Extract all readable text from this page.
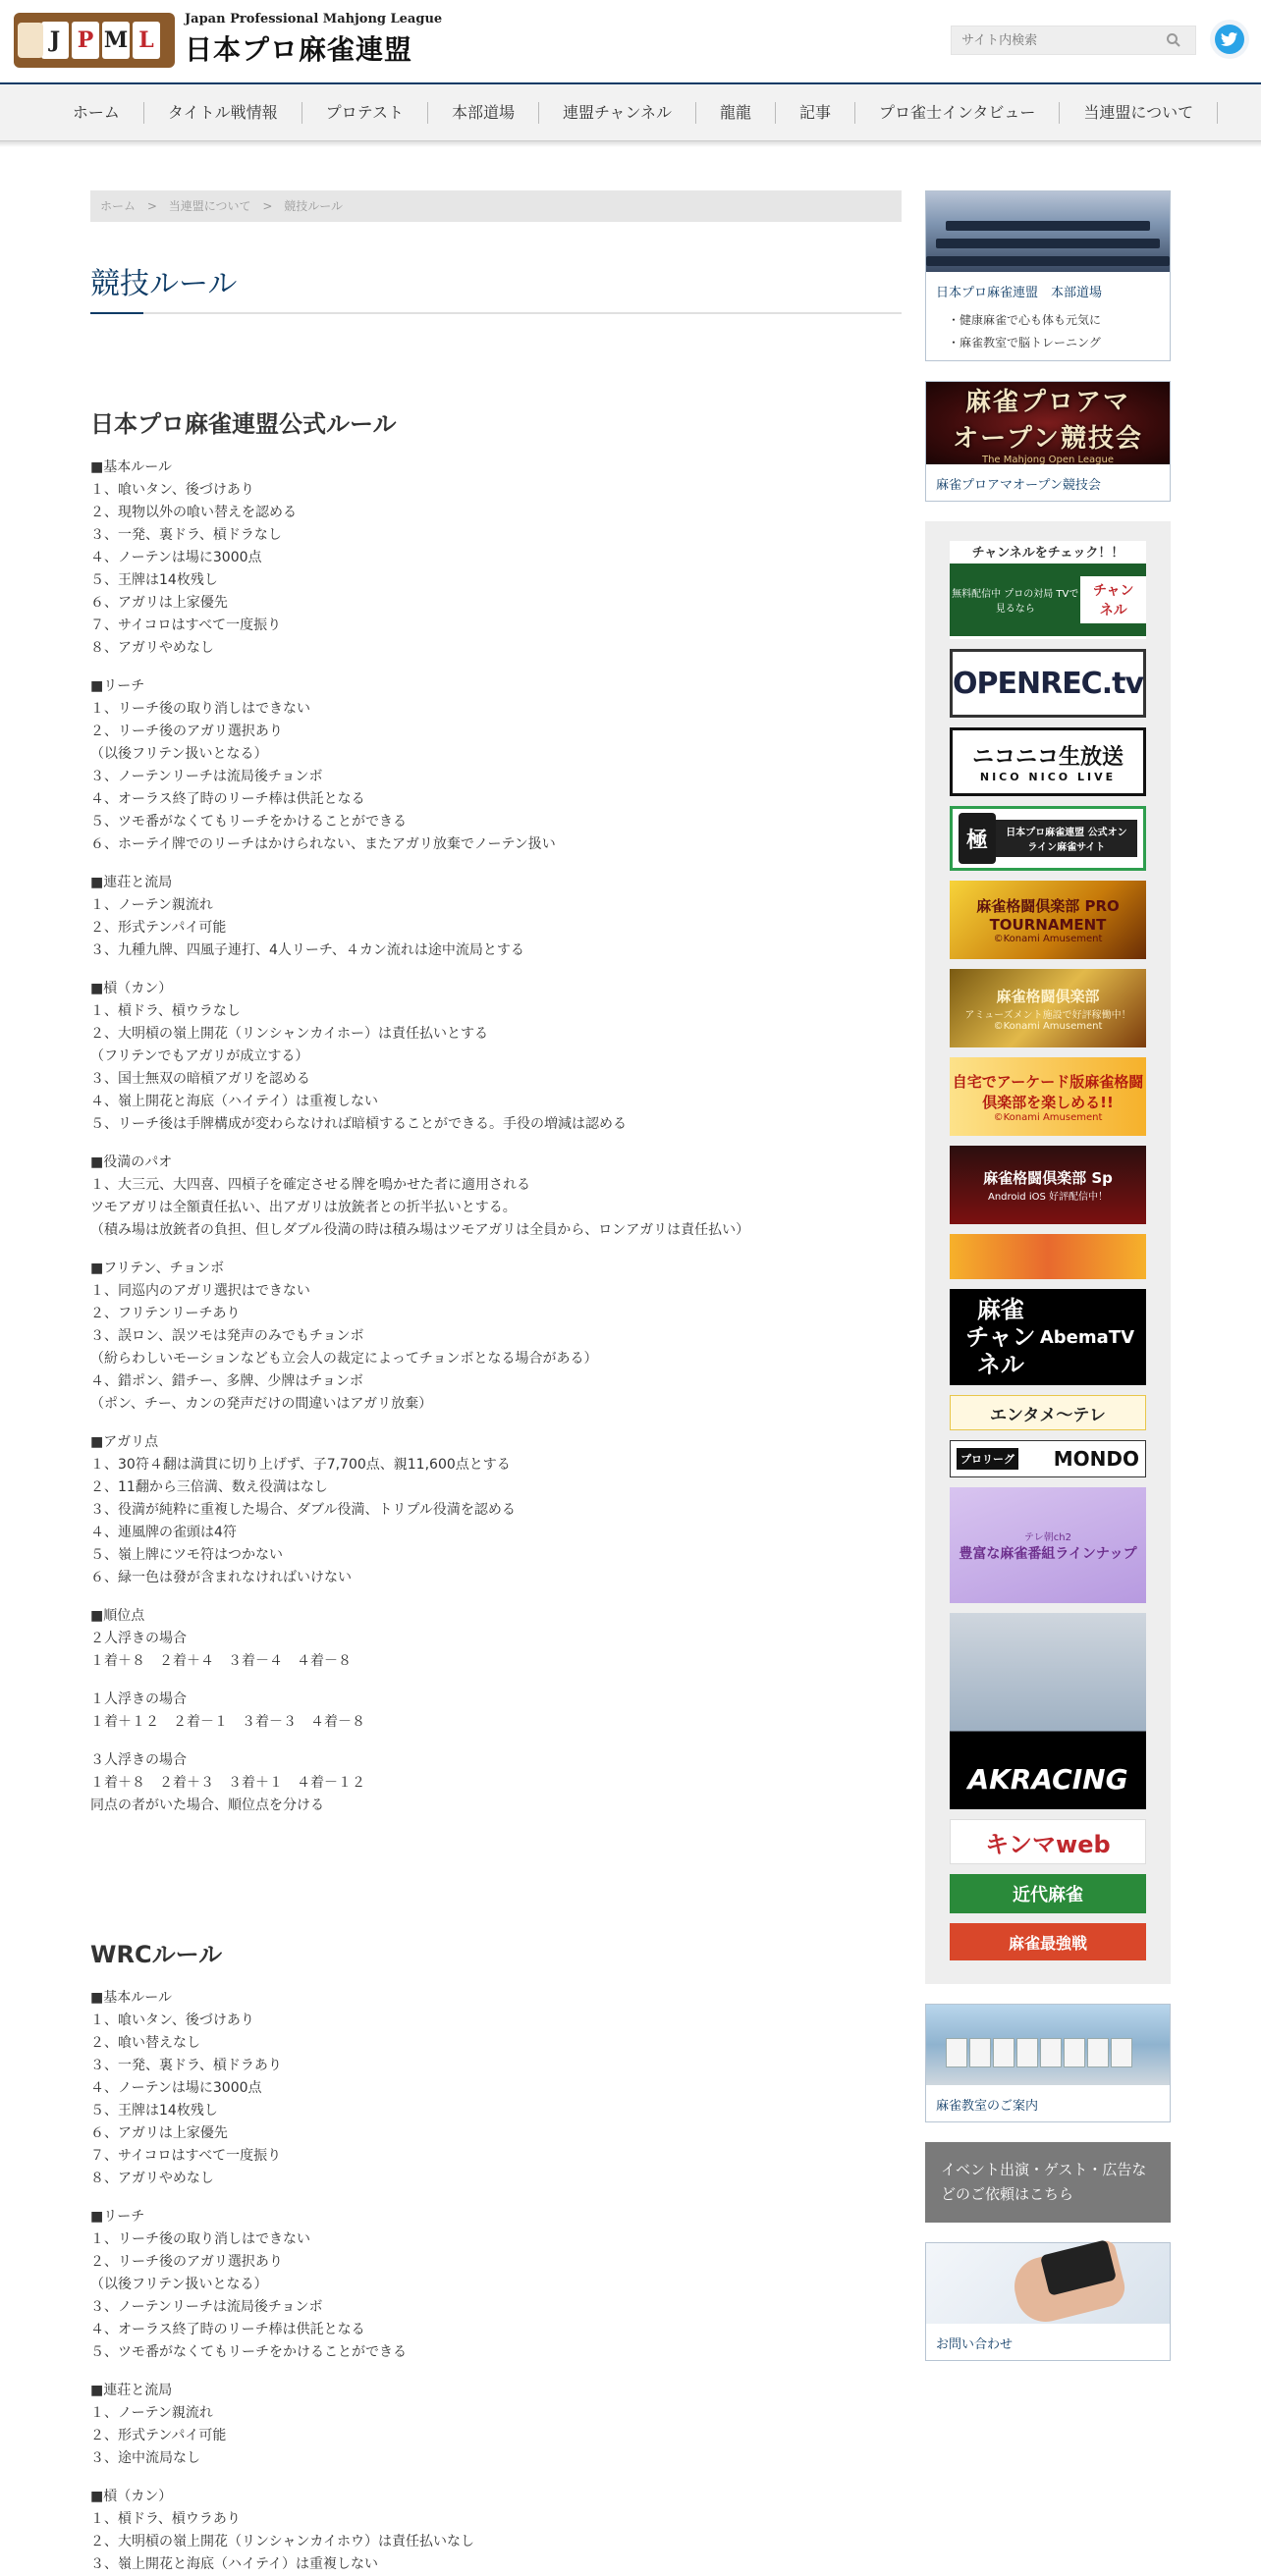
J P M L
Japan Professional Mahjong League
日本プロ麻雀連盟
サイト内検索
ホーム	タイトル戦情報	プロテスト	本部道場	連盟チャンネル	龍龍	記事	プロ雀士インタビュー	当連盟について
ホーム > 当連盟について > 競技ルール
競技ルール
日本プロ麻雀連盟公式ルール

■基本ルール

１、喰いタン、後づけあり

２、現物以外の喰い替えを認める

３、一発、裏ドラ、槓ドラなし

４、ノーテンは場に3000点

５、王牌は14枚残し

６、アガリは上家優先

７、サイコロはすべて一度振り

８、アガリやめなし

■リーチ

１、リーチ後の取り消しはできない

２、リーチ後のアガリ選択あり

（以後フリテン扱いとなる）

３、ノーテンリーチは流局後チョンボ

４、オーラス終了時のリーチ棒は供託となる

５、ツモ番がなくてもリーチをかけることができる

６、ホーテイ牌でのリーチはかけられない、またアガリ放棄でノーテン扱い

■連荘と流局

１、ノーテン親流れ

２、形式テンパイ可能

３、九種九牌、四風子連打、4人リーチ、４カン流れは途中流局とする

■槓（カン）

１、槓ドラ、槓ウラなし

２、大明槓の嶺上開花（リンシャンカイホー）は責任払いとする

（フリテンでもアガリが成立する）

３、国士無双の暗槓アガリを認める

４、嶺上開花と海底（ハイテイ）は重複しない

５、リーチ後は手牌構成が変わらなければ暗槓することができる。手役の増減は認める

■役満のパオ

１、大三元、大四喜、四槓子を確定させる牌を鳴かせた者に適用される

ツモアガリは全額責任払い、出アガリは放銃者との折半払いとする。

（積み場は放銃者の負担、但しダブル役満の時は積み場はツモアガリは全員から、ロンアガリは責任払い）

■フリテン、チョンボ

１、同巡内のアガリ選択はできない

２、フリテンリーチあり

３、誤ロン、誤ツモは発声のみでもチョンボ

（紛らわしいモーションなども立会人の裁定によってチョンボとなる場合がある）

４、錯ポン、錯チー、多牌、少牌はチョンボ

（ポン、チー、カンの発声だけの間違いはアガリ放棄）

■アガリ点

１、30符４翻は満貫に切り上げず、子7,700点、親11,600点とする

２、11翻から三倍満、数え役満はなし

３、役満が純粋に重複した場合、ダブル役満、トリプル役満を認める

４、連風牌の雀頭は4符

５、嶺上牌にツモ符はつかない

６、緑一色は發が含まれなければいけない

■順位点

２人浮きの場合

１着＋８　２着＋４　３着－４　４着－８

１人浮きの場合

１着＋１２　２着－１　３着－３　４着－８

３人浮きの場合

１着＋８　２着＋３　３着＋１　４着－１２

同点の者がいた場合、順位点を分ける

WRCルール

■基本ルール

１、喰いタン、後づけあり

２、喰い替えなし

３、一発、裏ドラ、槓ドラあり

４、ノーテンは場に3000点

５、王牌は14枚残し

６、アガリは上家優先

７、サイコロはすべて一度振り

８、アガリやめなし

■リーチ

１、リーチ後の取り消しはできない

２、リーチ後のアガリ選択あり

（以後フリテン扱いとなる）

３、ノーテンリーチは流局後チョンボ

４、オーラス終了時のリーチ棒は供託となる

５、ツモ番がなくてもリーチをかけることができる

■連荘と流局

１、ノーテン親流れ

２、形式テンパイ可能

３、途中流局なし

■槓（カン）

１、槓ドラ、槓ウラあり

２、大明槓の嶺上開花（リンシャンカイホウ）は責任払いなし

３、嶺上開花と海底（ハイテイ）は重複しない

日本プロ麻雀連盟　本部道場
・健康麻雀で心も体も元気に
・麻雀教室で脳トレーニング
麻雀プロアマ
オープン競技会
The Mahjong Open League
麻雀プロアマオープン競技会
チャンネルをチェック！！
無料配信中 プロの対局 TVで見るなら
チャンネル
OPENREC.tv
ニコニコ生放送
NICO NICO LIVE
極	日本プロ麻雀連盟 公式オンライン麻雀サイト
麻雀格闘倶楽部 PRO TOURNAMENT
©Konami Amusement
麻雀格闘倶楽部
アミューズメント施設で好評稼働中！ ©Konami Amusement
自宅でアーケード版麻雀格闘倶楽部を楽しめる!!
©Konami Amusement
麻雀格闘倶楽部 Sp
Android iOS 好評配信中！
麻雀 チャンネル
AbemaTV
エンタメ～テレ
プロリーグ MONDO
テレ朝ch2
豊富な麻雀番組ラインナップ
AKRACING
キンマweb
近代麻雀
麻雀最強戦
麻雀教室のご案内
イベント出演・ゲスト・広告などのご依頼はこちら
お問い合わせ
